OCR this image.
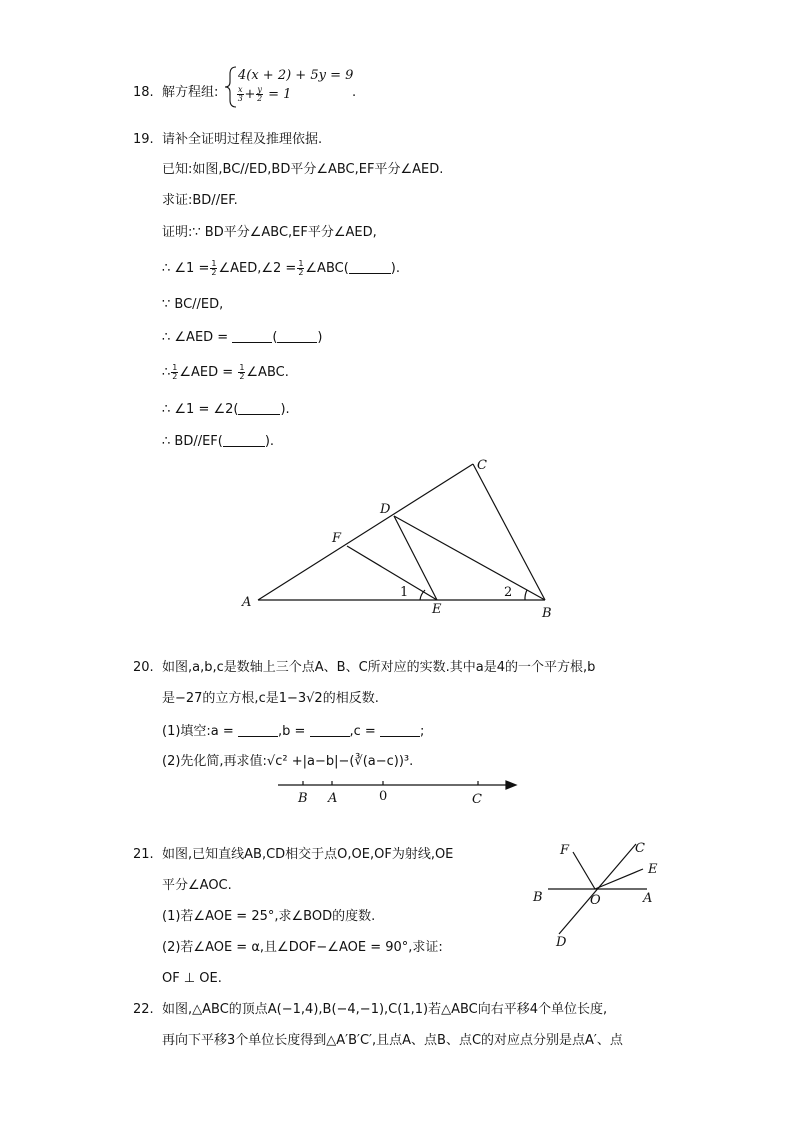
18. 解方程组:
4(x + 2) + 5y = 9
$\frac{x}{3} + \frac{y}{2} = 1$	.
19. 请补全证明过程及推理依据.
已知:如图,BC//ED,BD平分∠ABC,EF平分∠AED.
求证:BD//EF.
证明:∵ BD平分∠ABC,EF平分∠AED,
∴ ∠1 = $\frac{1}{2}$ ∠AED,∠2 = $\frac{1}{2}$ ∠ABC(	).
∵ BC//ED,
∴ ∠AED =	(	)
∴ $\frac{1}{2}$ ∠AED = $\frac{1}{2}$ ∠ABC.
∴ ∠1 = ∠2(	).
∴ BD//EF(	).
A
B
C
D
E
F
1	2
20. 如图,a,b,c是数轴上三个点A、B、C所对应的实数.其中a是4的一个平方根,b
是−27的立方根,c是1−3√2的相反数.
(1)填空:a =	,b =	,c =	;
(2)先化简,再求值:√c² +|a−b|−(∛(a−c))³.
B A	0	C
21. 如图,已知直线AB,CD相交于点O,OE,OF为射线,OE
平分∠AOC.
(1)若∠AOE = 25°,求∠BOD的度数.
(2)若∠AOE = α,且∠DOF−∠AOE = 90°,求证:
OF ⊥ OE.
F	C
E
B	O	A
D
22. 如图,△ABC的顶点A(−1,4),B(−4,−1),C(1,1)若△ABC向右平移4个单位长度,
再向下平移3个单位长度得到△A′B′C′,且点A、点B、点C的对应点分别是点A′、点
